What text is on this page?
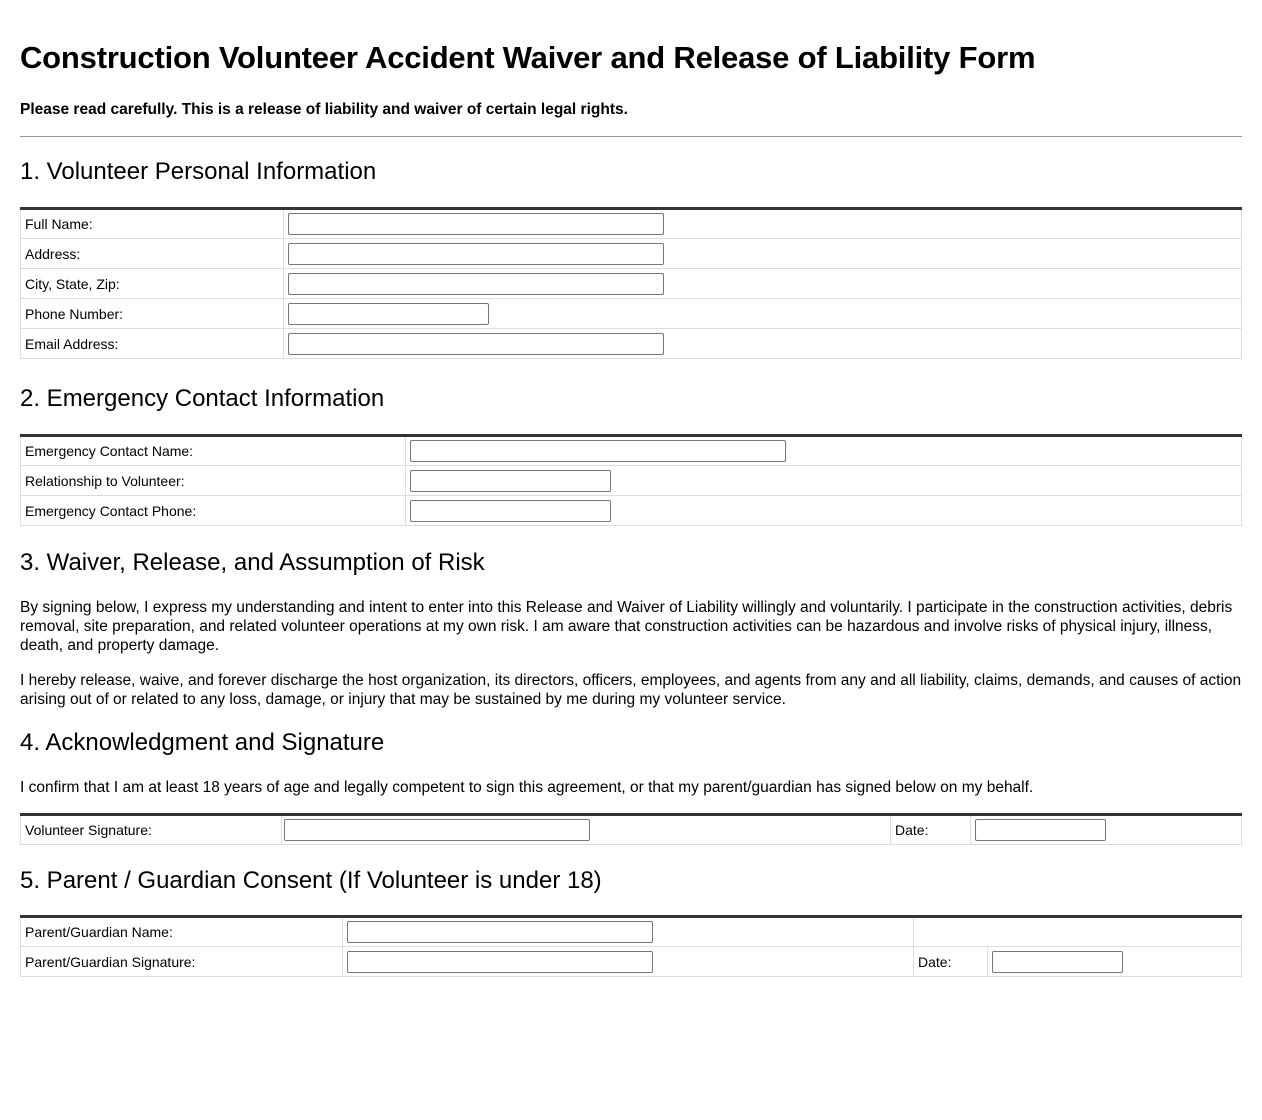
Construction Volunteer Accident Waiver and Release of Liability Form

Please read carefully. This is a release of liability and waiver of certain legal rights.

1. Volunteer Personal Information
Full Name:	
Address:	
City, State, Zip:	
Phone Number:	
Email Address:	
2. Emergency Contact Information
Emergency Contact Name:	
Relationship to Volunteer:	
Emergency Contact Phone:	
3. Waiver, Release, and Assumption of Risk

By signing below, I express my understanding and intent to enter into this Release and Waiver of Liability willingly and voluntarily. I participate in the construction activities, debris removal, site preparation, and related volunteer operations at my own risk. I am aware that construction activities can be hazardous and involve risks of physical injury, illness, death, and property damage.

I hereby release, waive, and forever discharge the host organization, its directors, officers, employees, and agents from any and all liability, claims, demands, and causes of action arising out of or related to any loss, damage, or injury that may be sustained by me during my volunteer service.

4. Acknowledgment and Signature

I confirm that I am at least 18 years of age and legally competent to sign this agreement, or that my parent/guardian has signed below on my behalf.

Volunteer Signature:		Date:	
5. Parent / Guardian Consent (If Volunteer is under 18)
Parent/Guardian Name:			
Parent/Guardian Signature:		Date:	
